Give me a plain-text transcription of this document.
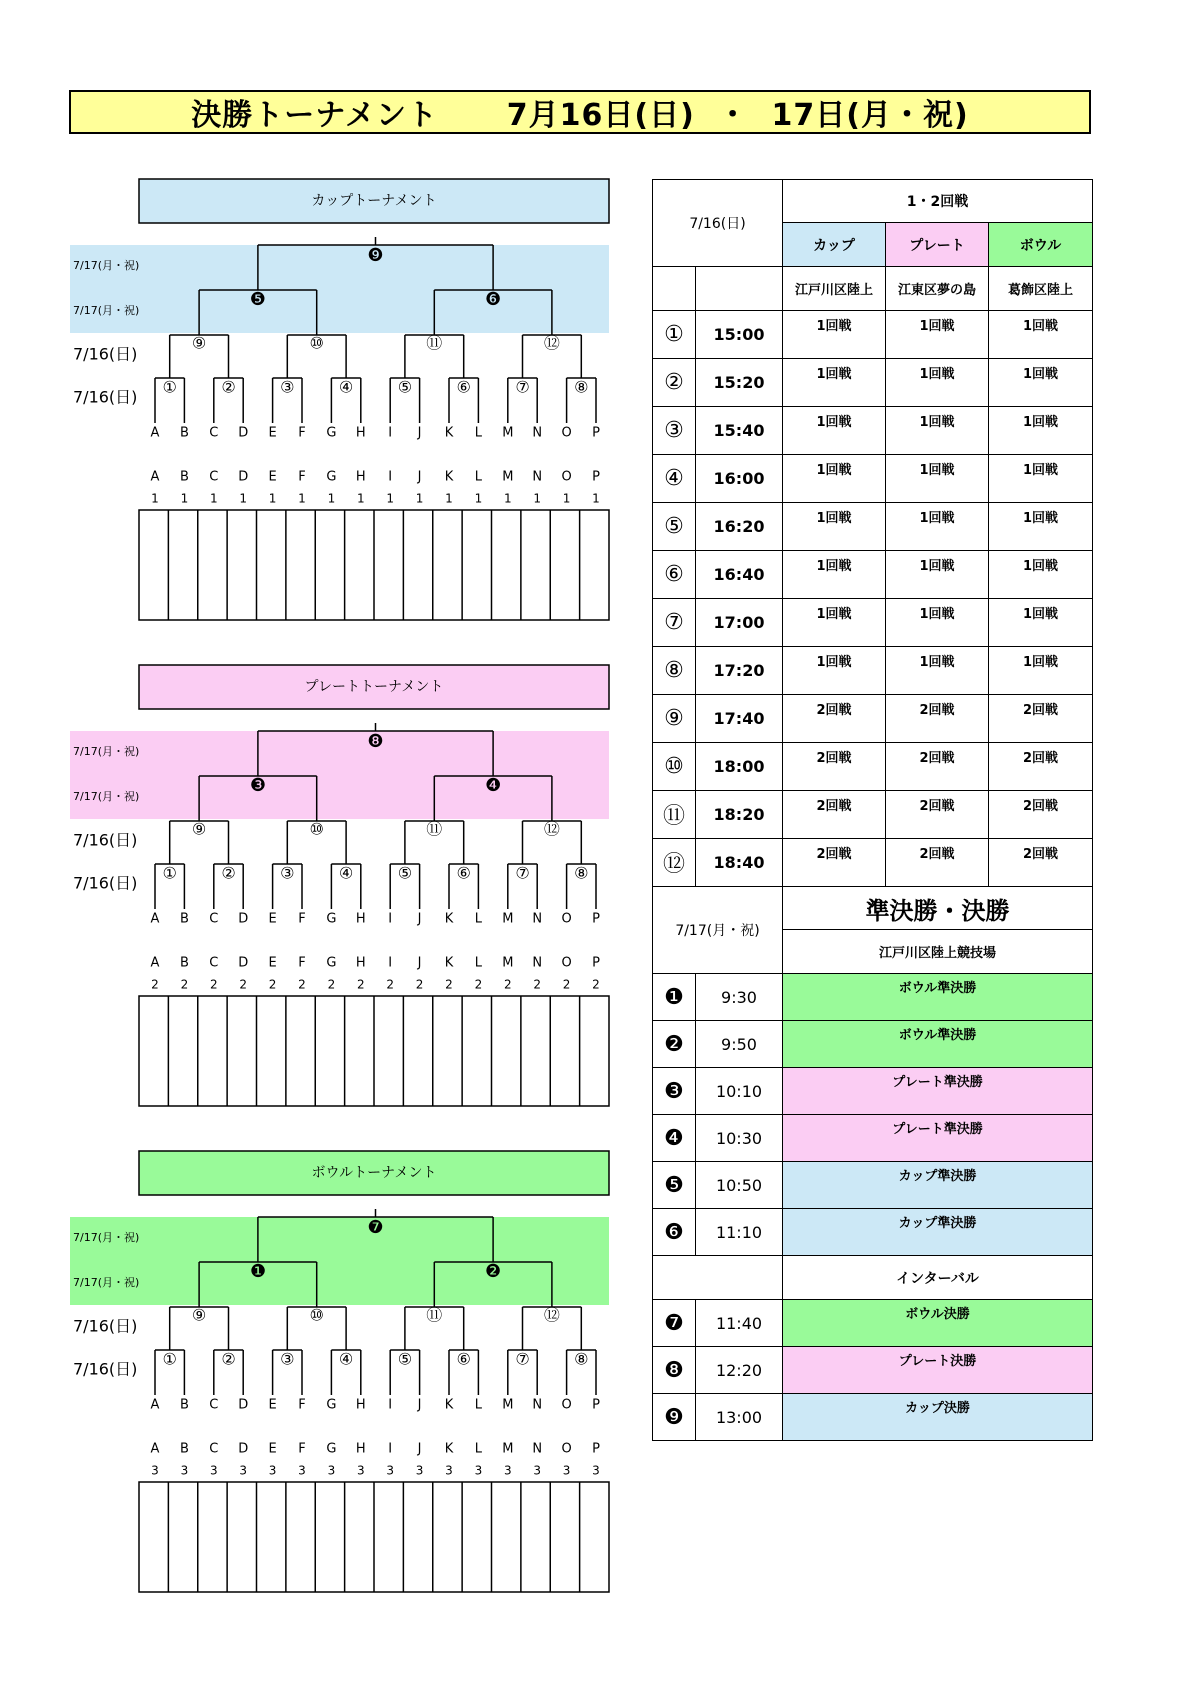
決勝トーナメント
7月16日(日)  ・  17日(月・祝)
カップトーナメント
7/17(月・祝)
7/17(月・祝)
7/16(日)
7/16(日)
❾
❺	❻
⑨	⑩	⑪	⑫
①	②	③	④	⑤	⑥	⑦	⑧
A
A
1
B
B
1
C
C
1
D
D
1
E
E
1
F
F
1
G
G
1
H
H
1
I
I
1
J
J
1
K
K
1
L
L
1
M
M
1
N
N
1
O
O
1
P
P
1
プレートトーナメント
7/17(月・祝)
7/17(月・祝)
7/16(日)
7/16(日)
❽
❸	❹
⑨	⑩	⑪	⑫
①	②	③	④	⑤	⑥	⑦	⑧
A
A
2
B
B
2
C
C
2
D
D
2
E
E
2
F
F
2
G
G
2
H
H
2
I
I
2
J
J
2
K
K
2
L
L
2
M
M
2
N
N
2
O
O
2
P
P
2
ボウルトーナメント
7/17(月・祝)
7/17(月・祝)
7/16(日)
7/16(日)
❼
❶	❷
⑨	⑩	⑪	⑫
①	②	③	④	⑤	⑥	⑦	⑧
A
A
3
B
B
3
C
C
3
D
D
3
E
E
3
F
F
3
G
G
3
H
H
3
I
I
3
J
J
3
K
K
3
L
L
3
M
M
3
N
N
3
O
O
3
P
P
3
7/16(日)		1・2回戦		
		カップ	プレート	ボウル
		江戸川区陸上	江東区夢の島	葛飾区陸上
①	15:00	1回戦	1回戦	1回戦
②	15:20	1回戦	1回戦	1回戦
③	15:40	1回戦	1回戦	1回戦
④	16:00	1回戦	1回戦	1回戦
⑤	16:20	1回戦	1回戦	1回戦
⑥	16:40	1回戦	1回戦	1回戦
⑦	17:00	1回戦	1回戦	1回戦
⑧	17:20	1回戦	1回戦	1回戦
⑨	17:40	2回戦	2回戦	2回戦
⑩	18:00	2回戦	2回戦	2回戦
⑪	18:20	2回戦	2回戦	2回戦
⑫	18:40	2回戦	2回戦	2回戦
7/17(月・祝)		準決勝・決勝
		江戸川区陸上競技場
❶	9:30	ボウル準決勝
❷	9:50	ボウル準決勝
❸	10:10	プレート準決勝
❹	10:30	プレート準決勝
❺	10:50	カップ準決勝
❻	11:10	カップ準決勝
		インターバル
❼	11:40	ボウル決勝
❽	12:20	プレート決勝
❾	13:00	カップ決勝
